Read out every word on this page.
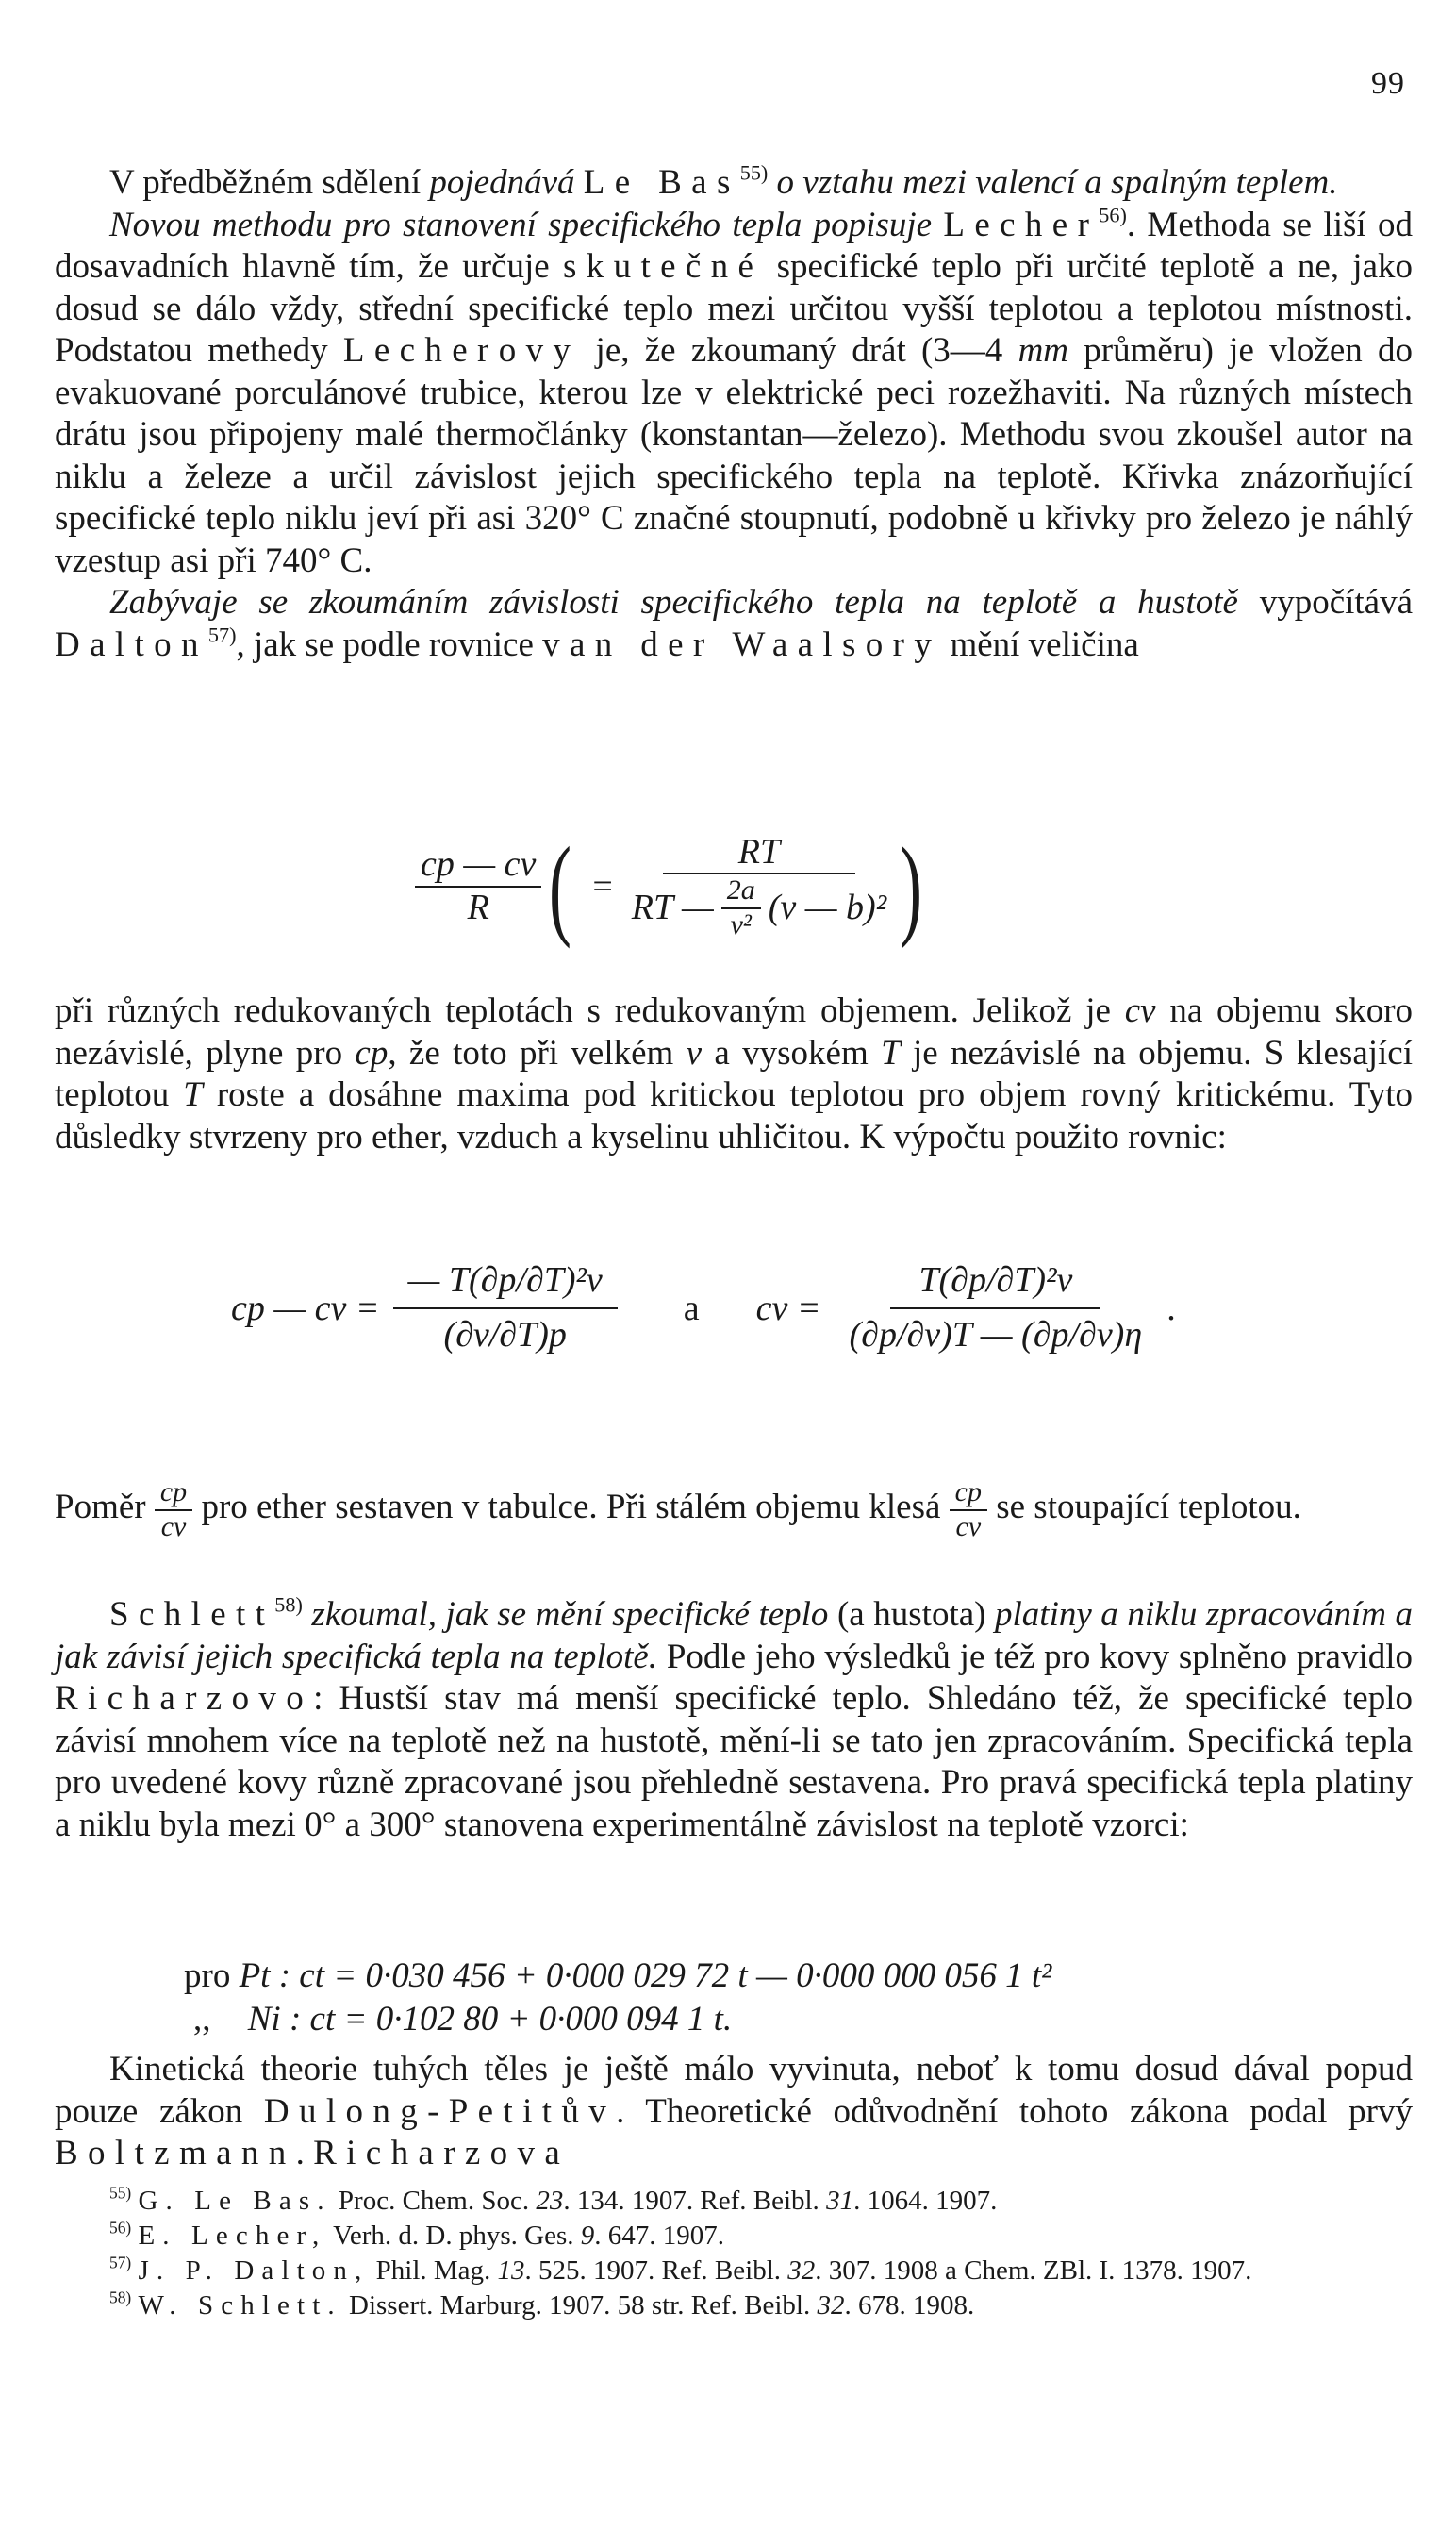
99

V předběžném sdělení pojednává Le Bas$^{55)}$ o vztahu mezi valencí a spalným teplem.

Novou methodu pro stanovení specifického tepla popisuje Lecher$^{56)}$. Methoda se liší od dosavadních hlavně tím, že určuje skutečné specifické teplo při určité teplotě a ne, jako dosud se dálo vždy, střední specifické teplo mezi určitou vyšší teplotou a teplotou místnosti. Podstatou methedy Lecherovy je, že zkoumaný drát (3—4 mm průměru) je vložen do evakuované porculánové trubice, kterou lze v elektrické peci rozežhaviti. Na různých místech drátu jsou připojeny malé thermočlánky (konstantan—železo). Methodu svou zkoušel autor na niklu a železe a určil závislost jejich specifického tepla na teplotě. Křivka znázorňující specifické teplo niklu jeví při asi 320° C značné stoupnutí, podobně u křivky pro železo je náhlý vzestup asi při 740° C.

Zabývaje se zkoumáním závislosti specifického tepla na teplotě a hustotě vypočítává Dalton$^{57)}$, jak se podle rovnice van der Waalsory mění veličina

$\frac{cp — cv}{R}$ ( =
RT
RT — $\frac{2a}{\text{v²}} (v$ — b)² )

při různých redukovaných teplotách s redukovaným objemem. Jelikož je cv na objemu skoro nezávislé, plyne pro cp, že toto při velkém v a vysokém T je nezávislé na objemu. S klesající teplotou T roste a dosáhne maxima pod kritickou teplotou pro objem rovný kritickému. Tyto důsledky stvrzeny pro ether, vzduch a kyselinu uhličitou. K výpočtu použito rovnic:

cp — cv = $\frac{\text{— T(∂p/∂T)²v}}{(\partial v/\partial T)p}$ a cv = $\frac{\text{T(∂p/∂T)²v}}{(\partial p/\partial v)T — (\partial p/\partial v)\eta}$ .

Poměr $\frac{cp}{cv}$ pro ether sestaven v tabulce. Při stálém objemu klesá $\frac{cp}{cv}$ se stoupající teplotou.

Schlett$^{58)}$ zkoumal, jak se mění specifické teplo (a hustota) platiny a niklu zpracováním a jak závisí jejich specifická tepla na teplotě. Podle jeho výsledků je též pro kovy splněno pravidlo Richarzovo: Hustší stav má menší specifické teplo. Shledáno též, že specifické teplo závisí mnohem více na teplotě než na hustotě, mění-li se tato jen zpracováním. Specifická tepla pro uvedené kovy různě zpracované jsou přehledně sestavena. Pro pravá specifická tepla platiny a niklu byla mezi 0° a 300° stanovena experimentálně závislost na teplotě vzorci:

pro Pt : ct = 0·030 456 + 0·000 029 72 t — 0·000 000 056 1 t²
,, Ni : ct = 0·102 80 + 0·000 094 1 t.

Kinetická theorie tuhých těles je ještě málo vyvinuta, neboť k tomu dosud dával popud pouze zákon Dulong-Petitův. Theoretické odůvodnění tohoto zákona podal prvý Boltzmann. Richarzova

$^{55)}$ G. Le Bas. Proc. Chem. Soc. 23. 134. 1907. Ref. Beibl. 31. 1064. 1907.

$^{56)}$ E. Lecher, Verh. d. D. phys. Ges. 9. 647. 1907.

$^{57)}$ J. P. Dalton, Phil. Mag. 13. 525. 1907. Ref. Beibl. 32. 307. 1908 a Chem. ZBl. I. 1378. 1907.

$^{58)}$ W. Schlett. Dissert. Marburg. 1907. 58 str. Ref. Beibl. 32. 678. 1908.
